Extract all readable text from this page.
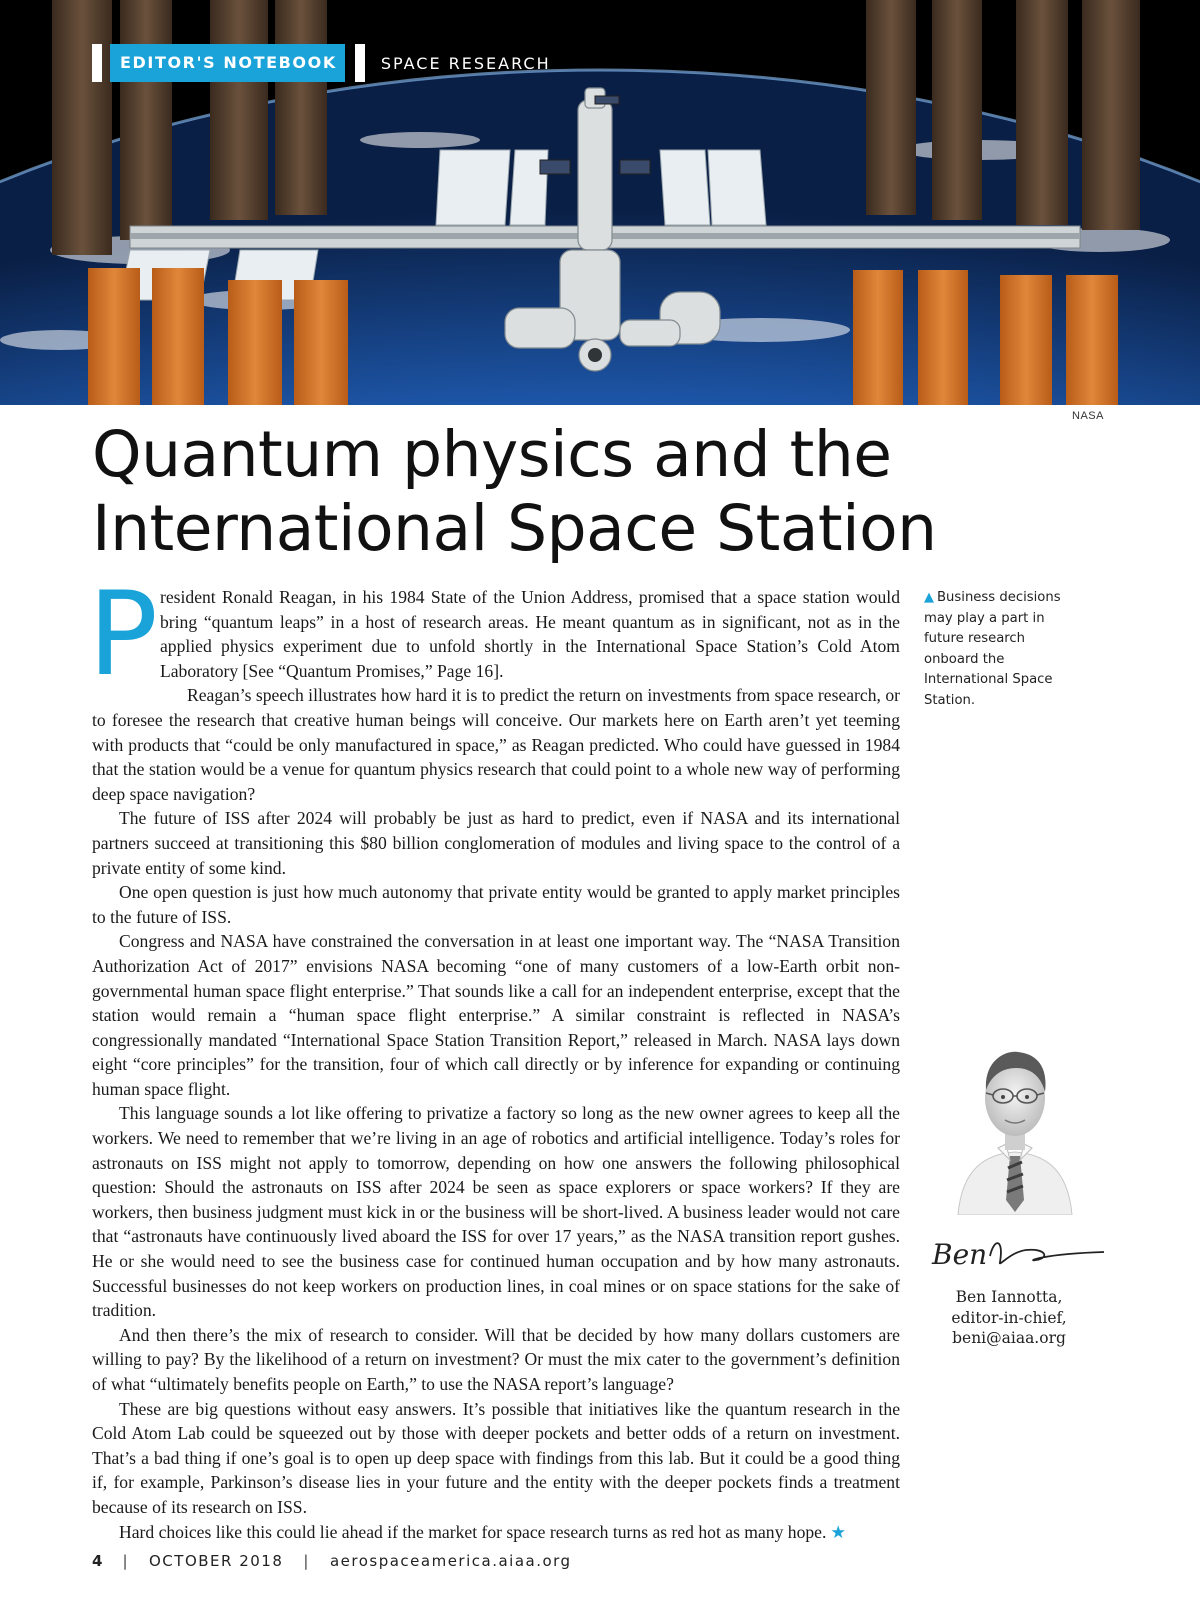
EDITOR'S NOTEBOOK	SPACE RESEARCH
NASA
Quantum physics and the
International Space Station

President Ronald Reagan, in his 1984 State of the Union Address, promised that a space station would bring “quantum leaps” in a host of research areas. He meant quantum as in significant, not as in the applied physics experiment due to unfold shortly in the International Space Station’s Cold Atom Laboratory [See “Quantum Promises,” Page 16].

Reagan’s speech illustrates how hard it is to predict the return on investments from space research, or to foresee the research that creative human beings will conceive. Our markets here on Earth aren’t yet teeming with products that “could be only manufactured in space,” as Reagan predicted. Who could have guessed in 1984 that the station would be a venue for quantum physics research that could point to a whole new way of performing deep space navigation?

The future of ISS after 2024 will probably be just as hard to predict, even if NASA and its international partners succeed at transitioning this $80 billion conglomeration of modules and living space to the control of a private entity of some kind.

One open question is just how much autonomy that private entity would be granted to apply market principles to the future of ISS.

Congress and NASA have constrained the conversation in at least one important way. The “NASA Transition Authorization Act of 2017” envisions NASA becoming “one of many customers of a low-Earth orbit non-governmental human space flight enterprise.” That sounds like a call for an independent enterprise, except that the station would remain a “human space flight enterprise.” A similar constraint is reflected in NASA’s congressionally mandated “International Space Station Transition Report,” released in March. NASA lays down eight “core principles” for the transition, four of which call directly or by inference for expanding or continuing human space flight.

This language sounds a lot like offering to privatize a factory so long as the new owner agrees to keep all the workers. We need to remember that we’re living in an age of robotics and artificial intelligence. Today’s roles for astronauts on ISS might not apply to tomorrow, depending on how one answers the following philosophical question: Should the astronauts on ISS after 2024 be seen as space explorers or space workers? If they are workers, then business judgment must kick in or the business will be short-lived. A business leader would not care that “astronauts have continuously lived aboard the ISS for over 17 years,” as the NASA transition report gushes. He or she would need to see the business case for continued human occupation and by how many astronauts. Successful businesses do not keep workers on production lines, in coal mines or on space stations for the sake of tradition.

And then there’s the mix of research to consider. Will that be decided by how many dollars customers are willing to pay? By the likelihood of a return on investment? Or must the mix cater to the government’s definition of what “ultimately benefits people on Earth,” to use the NASA report’s language?

These are big questions without easy answers. It’s possible that initiatives like the quantum research in the Cold Atom Lab could be squeezed out by those with deeper pockets and better odds of a return on investment. That’s a bad thing if one’s goal is to open up deep space with findings from this lab. But it could be a good thing if, for example, Parkinson’s disease lies in your future and the entity with the deeper pockets finds a treatment because of its research on ISS.

Hard choices like this could lie ahead if the market for space research turns as red hot as many hope. ★

▲ Business decisions may play a part in future research onboard the International Space Station.
Ben
Ben Iannotta,
editor-in-chief,
beni@aiaa.org
4 | OCTOBER 2018 | aerospaceamerica.aiaa.org
